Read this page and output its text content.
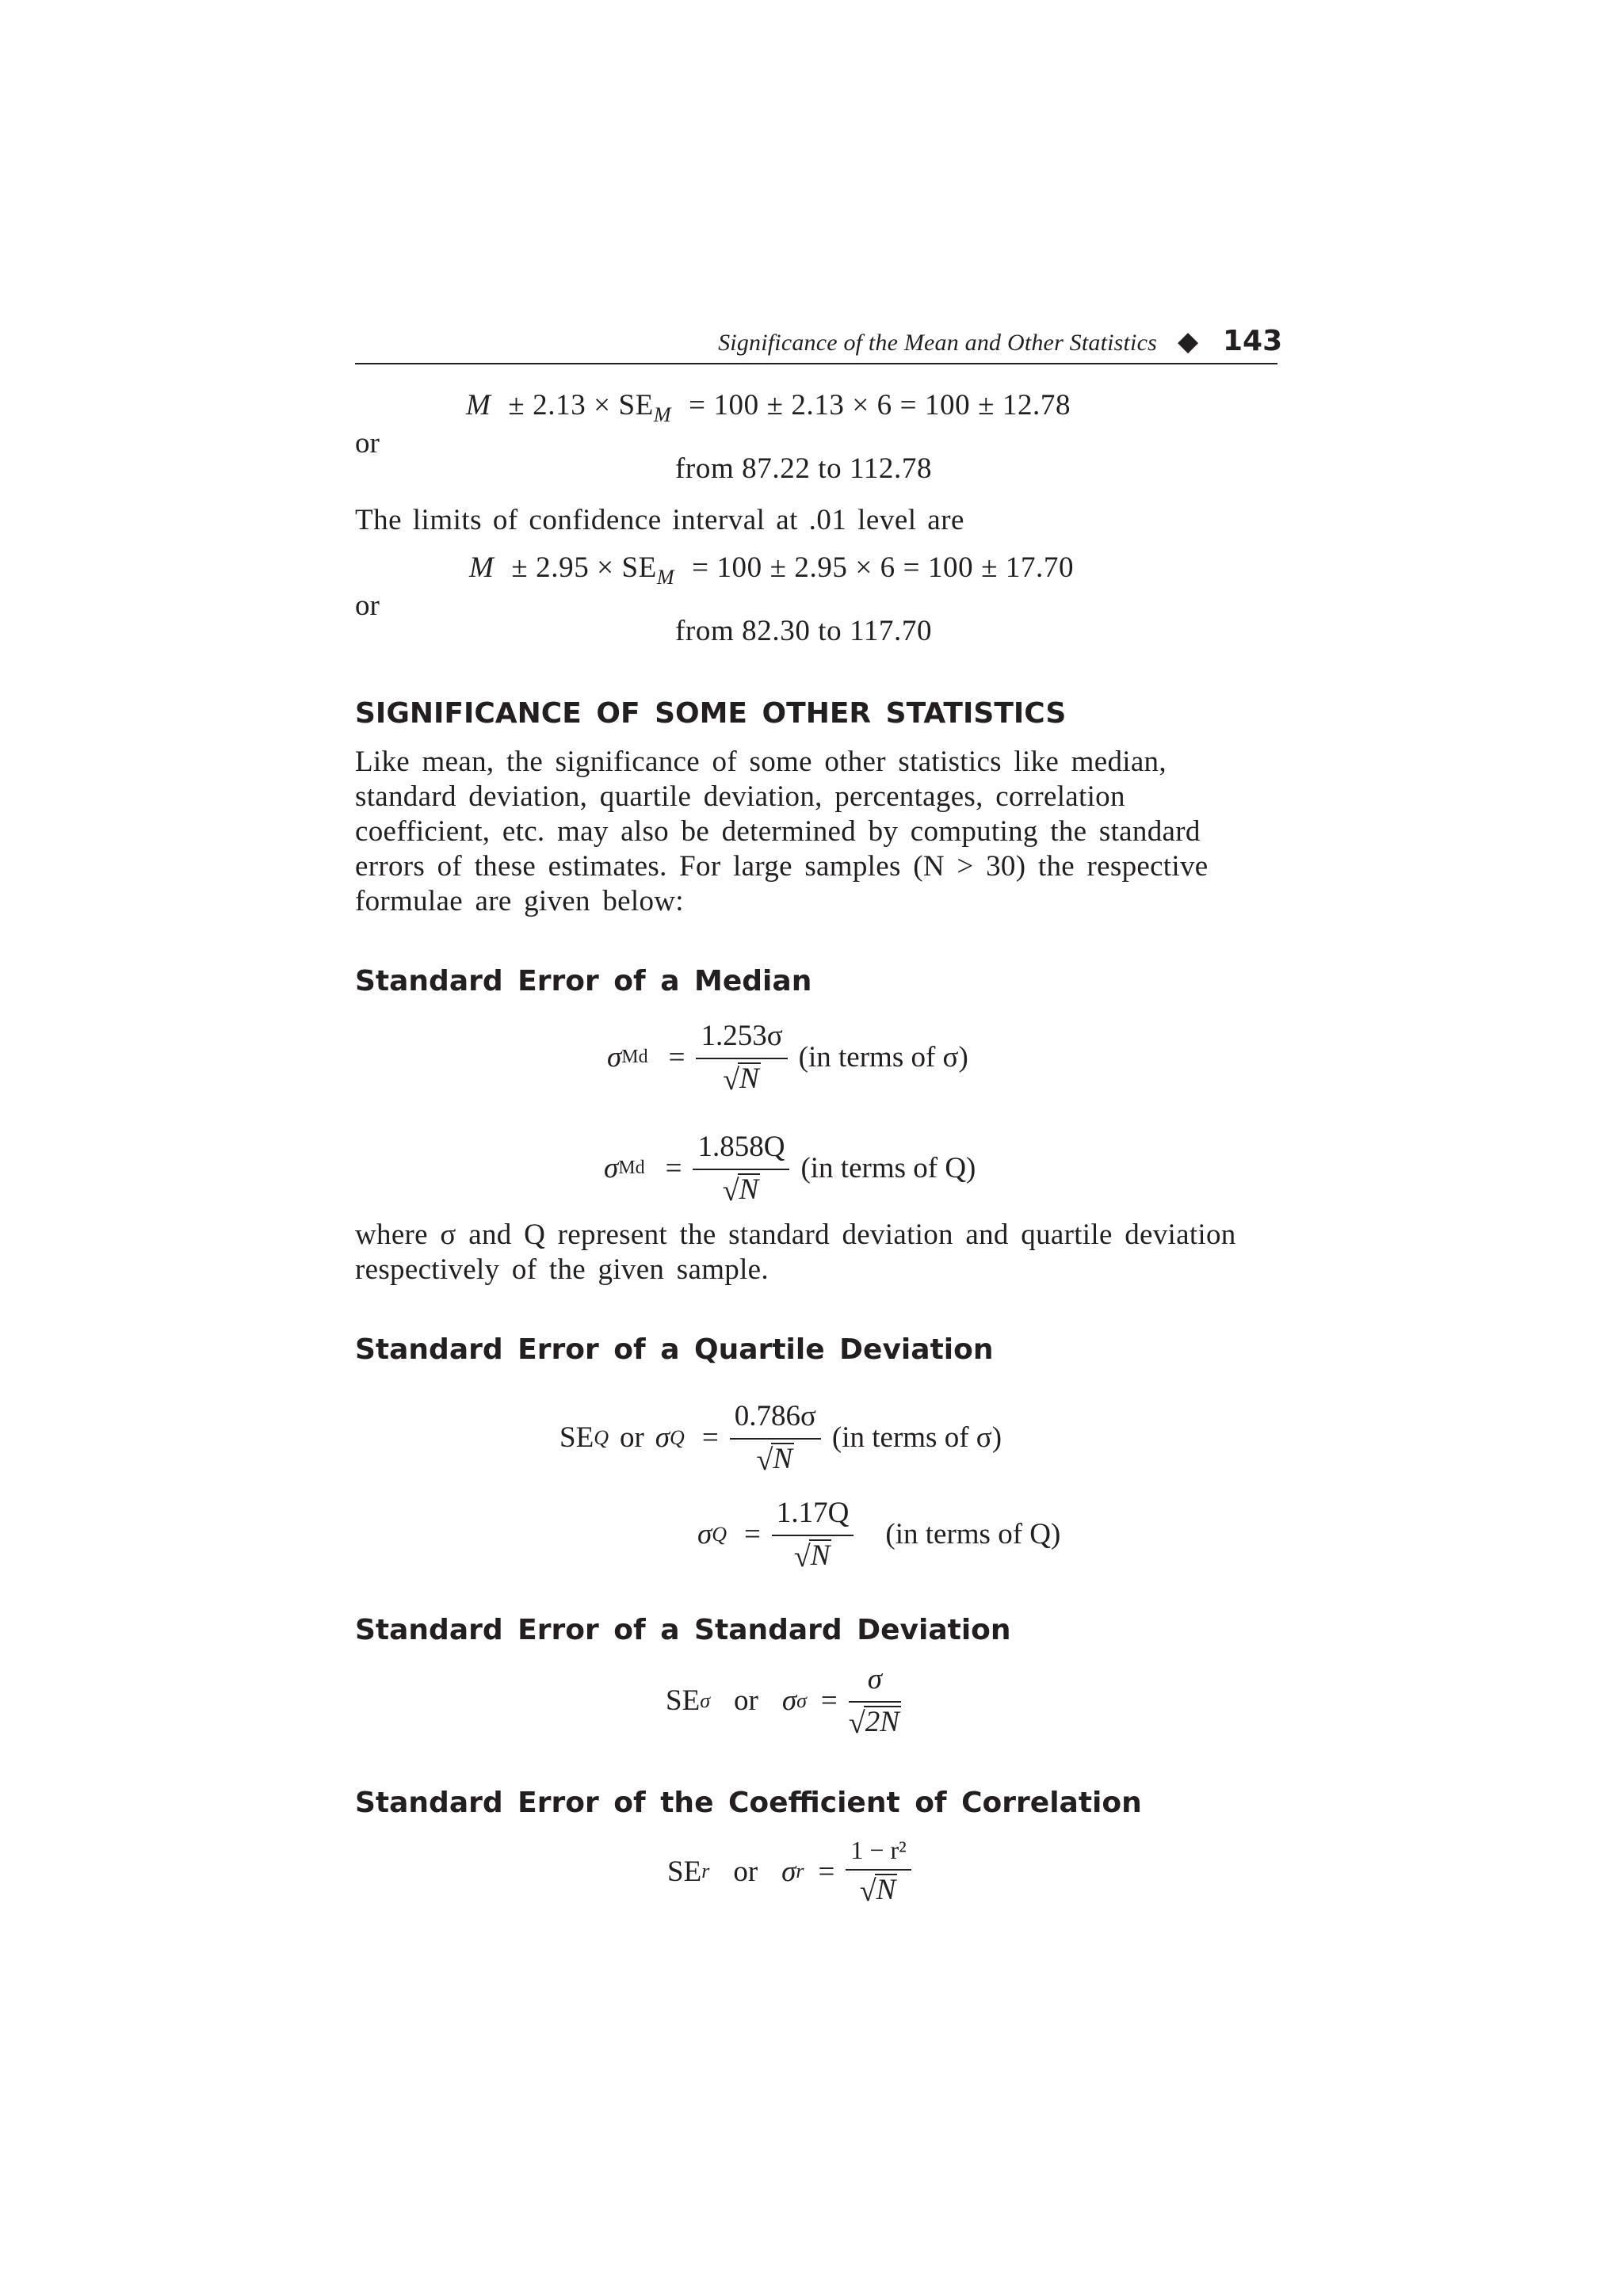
Significance of the Mean and Other Statistics ◆ 143
$M \pm 2.13 \times SE_M = 100 \pm 2.13 \times 6 = 100 \pm 12.78$
or
from 87.22 to 112.78
The limits of confidence interval at .01 level are
$M \pm 2.95 \times SE_M = 100 \pm 2.95 \times 6 = 100 \pm 17.70$
or
from 82.30 to 117.70
SIGNIFICANCE OF SOME OTHER STATISTICS
Like mean, the significance of some other statistics like median,
standard deviation, quartile deviation, percentages, correlation
coefficient, etc. may also be determined by computing the standard
errors of these estimates. For large samples (N > 30) the respective
formulae are given below:
Standard Error of a Median
σ $Md = \frac{1.253\sigma}{√ N} (in$ terms of σ)
σ $Md = \frac{1.858Q}{√ N} (in$ terms of Q)
where σ and Q represent the standard deviation and quartile deviation
respectively of the given sample.
Standard Error of a Quartile Deviation
SE Q or σ $Q = \frac{0.786\sigma}{√ N} (in$ terms of σ)
σ $Q = \frac{1.17Q}{√ N} (in$ terms of Q)
Standard Error of a Standard Deviation
SE σ or σ $\sigma = \frac{\sigma}{√ 2N}$
Standard Error of the Coefficient of Correlation
SE r or σ $r = \frac{\text{1 − r²}}{√ N}$
